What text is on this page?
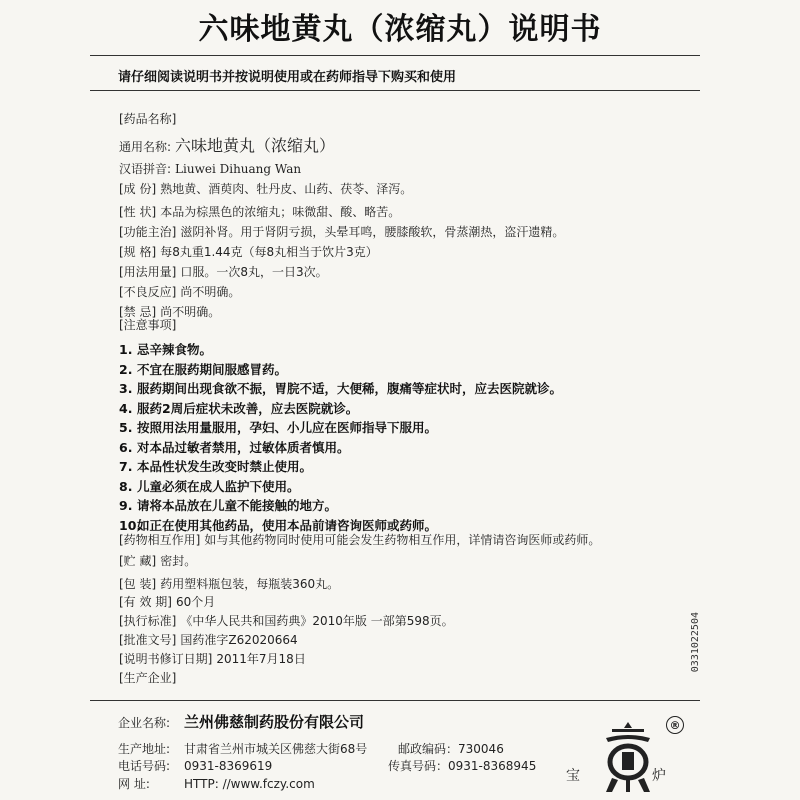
六味地黄丸（浓缩丸）说明书
请仔细阅读说明书并按说明使用或在药师指导下购买和使用
[药品名称]
通用名称: 六味地黄丸（浓缩丸）
汉语拼音: Liuwei Dihuang Wan
[成 份] 熟地黄、酒萸肉、牡丹皮、山药、茯苓、泽泻。
[性 状] 本品为棕黑色的浓缩丸；味微甜、酸、略苦。
[功能主治] 滋阴补肾。用于肾阴亏损，头晕耳鸣，腰膝酸软，骨蒸潮热，盗汗遗精。
[规 格] 每8丸重1.44克（每8丸相当于饮片3克）
[用法用量] 口服。一次8丸，一日3次。
[不良反应] 尚不明确。
[禁 忌] 尚不明确。
[注意事项]
1. 忌辛辣食物。
2. 不宜在服药期间服感冒药。
3. 服药期间出现食欲不振，胃脘不适，大便稀，腹痛等症状时，应去医院就诊。
4. 服药2周后症状未改善，应去医院就诊。
5. 按照用法用量服用，孕妇、小儿应在医师指导下服用。
6. 对本品过敏者禁用，过敏体质者慎用。
7. 本品性状发生改变时禁止使用。
8. 儿童必须在成人监护下使用。
9. 请将本品放在儿童不能接触的地方。
10.如正在使用其他药品，使用本品前请咨询医师或药师。
[药物相互作用] 如与其他药物同时使用可能会发生药物相互作用，详情请咨询医师或药师。
[贮 藏] 密封。
[包 装] 药用塑料瓶包装，每瓶装360丸。
[有 效 期] 60个月
[执行标准] 《中华人民共和国药典》2010年版 一部第598页。
[批准文号] 国药准字Z62020664
[说明书修订日期] 2011年7月18日
[生产企业]
0331022504
企业名称: 兰州佛慈制药股份有限公司
生产地址: 甘肃省兰州市城关区佛慈大街68号	邮政编码：730046
电话号码: 0931-8369619	传真号码：0931-8368945
网 址:	HTTP: //www.fczy.com	宝	炉
®
